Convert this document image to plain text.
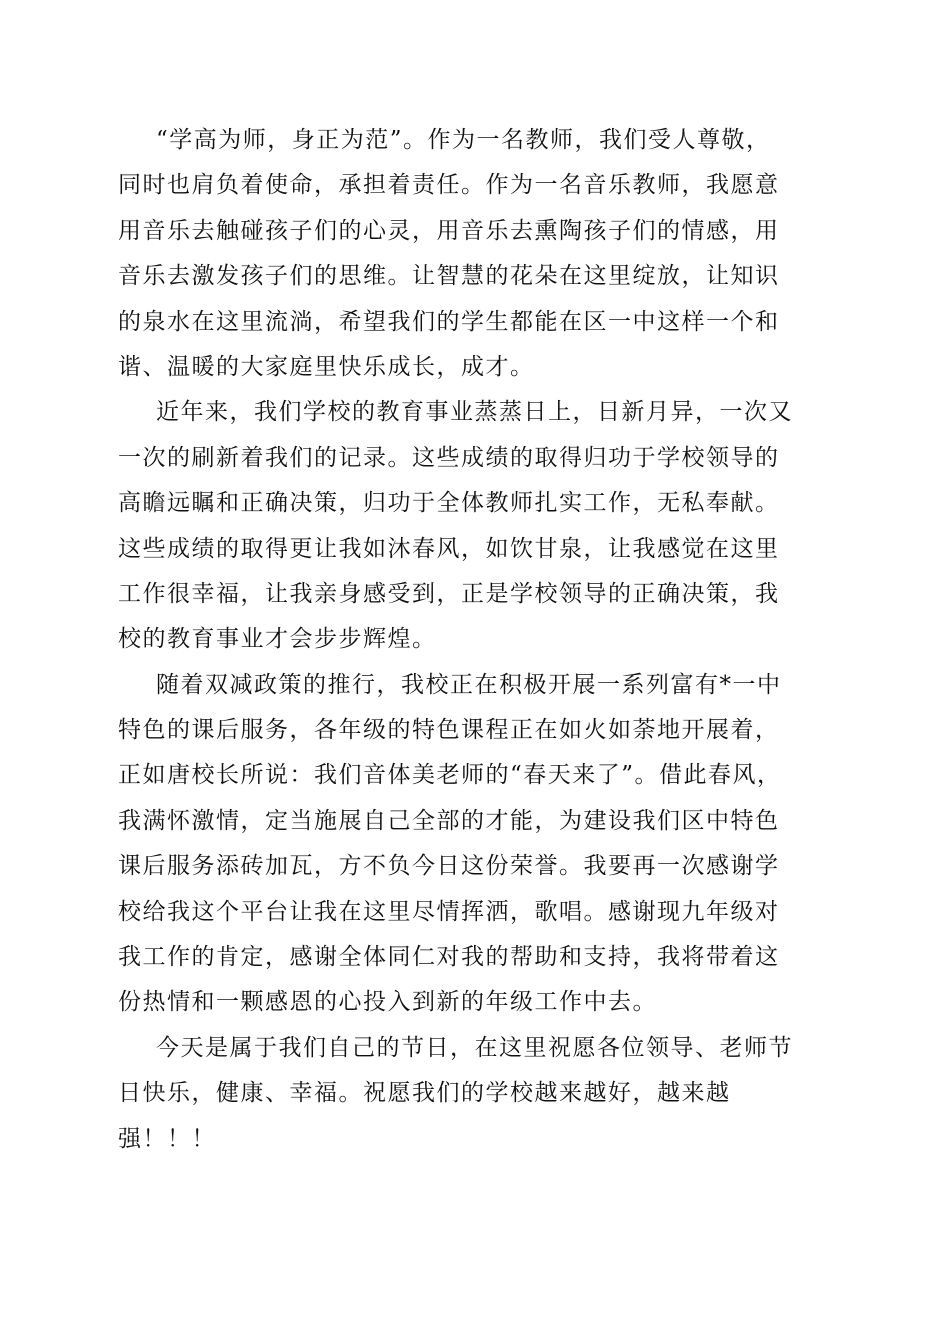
“学高为师，身正为范”。作为一名教师，我们受人尊敬，
同时也肩负着使命，承担着责任。作为一名音乐教师，我愿意
用音乐去触碰孩子们的心灵，用音乐去熏陶孩子们的情感，用
音乐去激发孩子们的思维。让智慧的花朵在这里绽放，让知识
的泉水在这里流淌，希望我们的学生都能在区一中这样一个和
谐、温暖的大家庭里快乐成长，成才。
近年来，我们学校的教育事业蒸蒸日上，日新月异，一次又
一次的刷新着我们的记录。这些成绩的取得归功于学校领导的
高瞻远瞩和正确决策，归功于全体教师扎实工作，无私奉献。
这些成绩的取得更让我如沐春风，如饮甘泉，让我感觉在这里
工作很幸福，让我亲身感受到，正是学校领导的正确决策，我
校的教育事业才会步步辉煌。
随着双减政策的推行，我校正在积极开展一系列富有*一中
特色的课后服务，各年级的特色课程正在如火如荼地开展着，
正如唐校长所说：我们音体美老师的“春天来了”。借此春风，
我满怀激情，定当施展自己全部的才能，为建设我们区中特色
课后服务添砖加瓦，方不负今日这份荣誉。我要再一次感谢学
校给我这个平台让我在这里尽情挥洒，歌唱。感谢现九年级对
我工作的肯定，感谢全体同仁对我的帮助和支持，我将带着这
份热情和一颗感恩的心投入到新的年级工作中去。
今天是属于我们自己的节日，在这里祝愿各位领导、老师节
日快乐，健康、幸福。祝愿我们的学校越来越好，越来越
强！！！
